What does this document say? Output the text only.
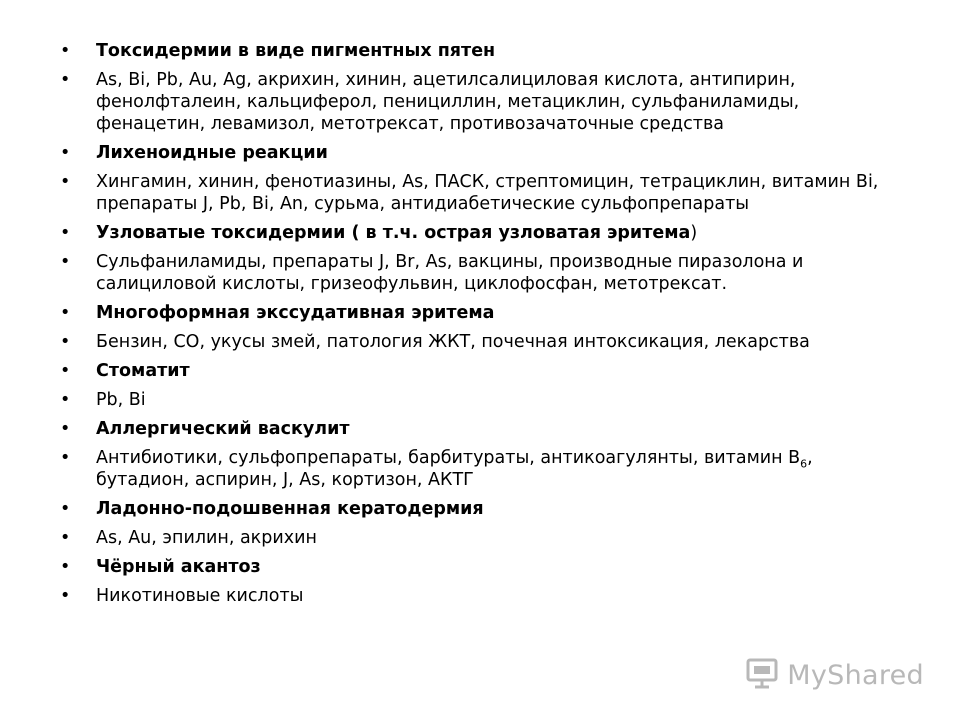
• Токсидермии в виде пигментных пятен
• As, Bi, Pb, Au, Ag, акрихин, хинин, ацетилсалициловая кислота, антипирин, фенолфталеин, кальциферол, пенициллин, метациклин, сульфаниламиды, фенацетин, левамизол, метотрексат, противозачаточные средства
• Лихеноидные реакции
• Хингамин, хинин, фенотиазины, As, ПАСК, стрептомицин, тетрациклин, витамин Bi, препараты J, Pb, Bi, An, сурьма, антидиабетические сульфопрепараты
• Узловатые токсидермии ( в т.ч. острая узловатая эритема)
• Сульфаниламиды, препараты J, Br, As, вакцины, производные пиразолона и салициловой кислоты, гризеофульвин, циклофосфан, метотрексат.
• Многоформная экссудативная эритема
• Бензин, CO, укусы змей, патология ЖКТ, почечная интоксикация, лекарства
• Стоматит
• Pb, Bi
• Аллергический васкулит
• Антибиотики, сульфопрепараты, барбитураты, антикоагулянты, витамин $B_6$, бутадион, аспирин, J, As, кортизон, АКТГ
• Ладонно-подошвенная кератодермия
• As, Au, эпилин, акрихин
• Чёрный акантоз
• Никотиновые кислоты
MyShared
